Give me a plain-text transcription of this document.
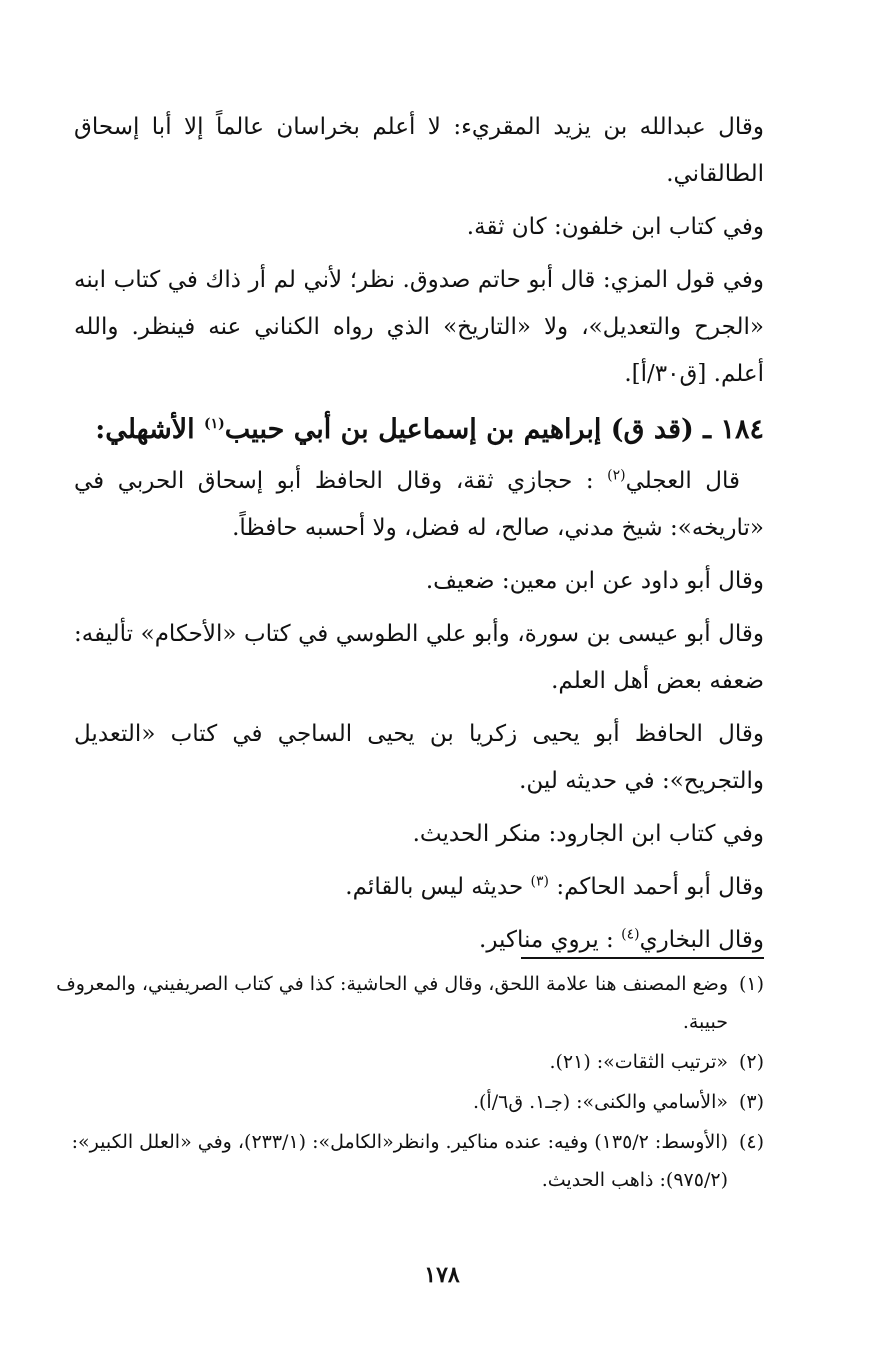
وقال عبدالله بن يزيد المقريء: لا أعلم بخراسان عالماً إلا أبا إسحاق الطالقاني.

وفي كتاب ابن خلفون: كان ثقة.

وفي قول المزي: قال أبو حاتم صدوق. نظر؛ لأني لم أر ذاك في كتاب ابنه «الجرح والتعديل»، ولا «التاريخ» الذي رواه الكناني عنه فينظر. والله أعلم. [ق٣٠/أ].

١٨٤ ـ (قد ق) إبراهيم بن إسماعيل بن أبي حبيب$^{(١)}$ الأشهلي:

قال العجلي$^{(٢)}$ : حجازي ثقة، وقال الحافظ أبو إسحاق الحربي في «تاريخه»: شيخ مدني، صالح، له فضل، ولا أحسبه حافظاً.

وقال أبو داود عن ابن معين: ضعيف.

وقال أبو عيسى بن سورة، وأبو علي الطوسي في كتاب «الأحكام» تأليفه: ضعفه بعض أهل العلم.

وقال الحافظ أبو يحيى زكريا بن يحيى الساجي في كتاب «التعديل والتجريح»: في حديثه لين.

وفي كتاب ابن الجارود: منكر الحديث.

وقال أبو أحمد الحاكم: $^{(٣)}$ حديثه ليس بالقائم.

وقال البخاري$^{(٤)}$ : يروي مناكير.

(١)وضع المصنف هنا علامة اللحق، وقال في الحاشية: كذا في كتاب الصريفيني، والمعروف حبيبة.

(٢)«ترتيب الثقات»: (٢١).

(٣)«الأسامي والكنى»: (جـ١. ق٦/أ).

(٤)(الأوسط: ١٣٥/٢) وفيه: عنده مناكير. وانظر«الكامل»: (٢٣٣/١)، وفي «العلل الكبير»: (٩٧٥/٢): ذاهب الحديث.

١٧٨
